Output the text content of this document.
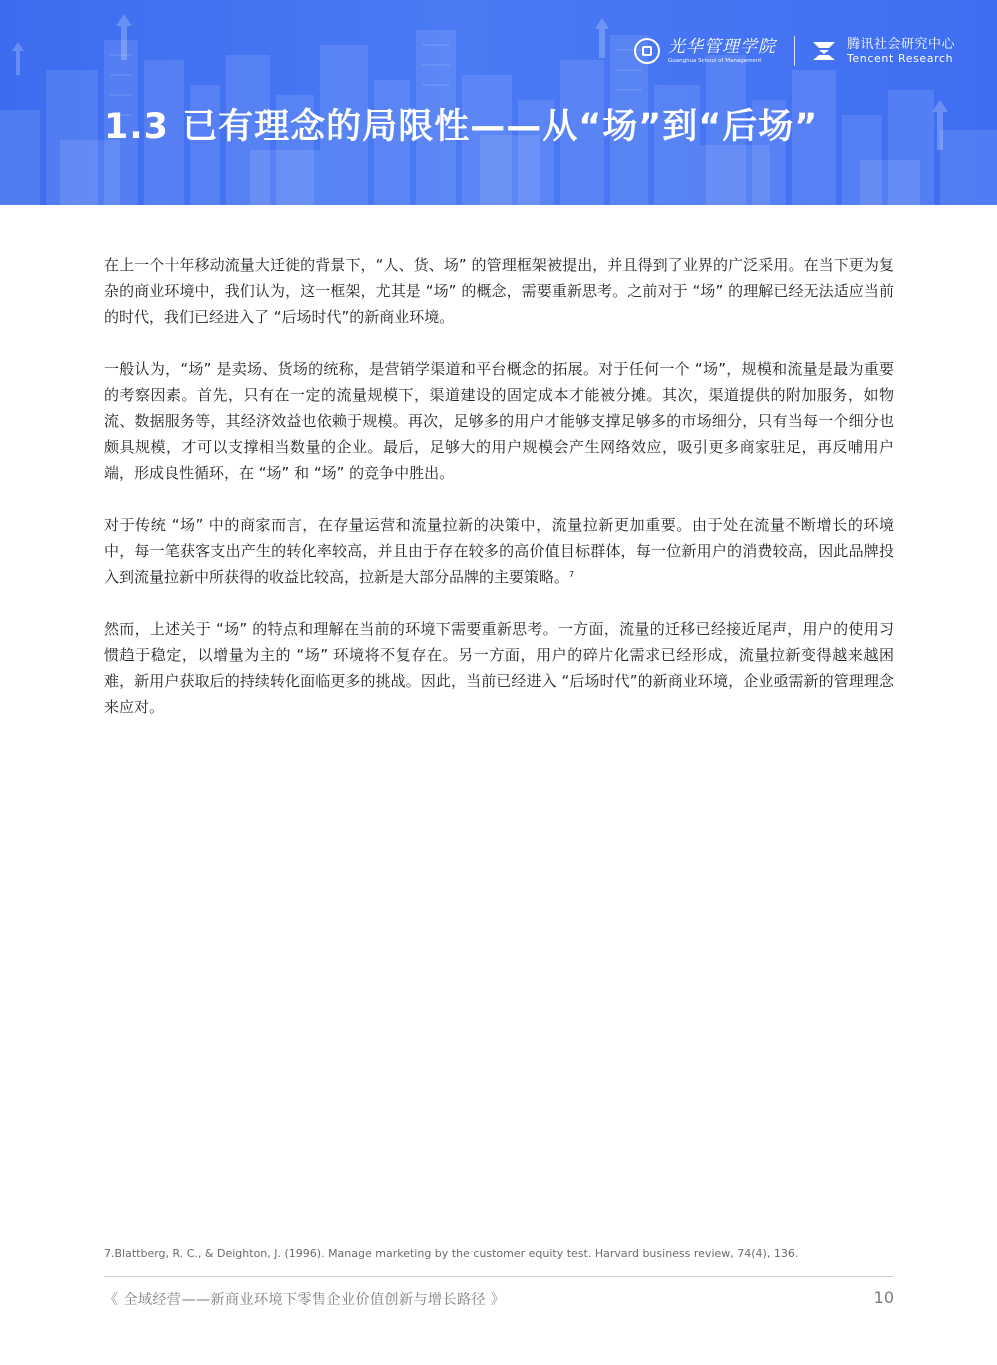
光华管理学院
Guanghua School of Management
腾讯社会研究中心
Tencent Research
1.3 已有理念的局限性——从“场”到“后场”

在上一个十年移动流量大迁徙的背景下，“人、货、场” 的管理框架被提出，并且得到了业界的广泛采用。在当下更为复杂的商业环境中，我们认为，这一框架，尤其是 “场” 的概念，需要重新思考。之前对于 “场” 的理解已经无法适应当前的时代，我们已经进入了 “后场时代”的新商业环境。

一般认为，“场” 是卖场、货场的统称，是营销学渠道和平台概念的拓展。对于任何一个 “场”，规模和流量是最为重要的考察因素。首先，只有在一定的流量规模下，渠道建设的固定成本才能被分摊。其次，渠道提供的附加服务，如物流、数据服务等，其经济效益也依赖于规模。再次，足够多的用户才能够支撑足够多的市场细分，只有当每一个细分也颇具规模，才可以支撑相当数量的企业。最后，足够大的用户规模会产生网络效应，吸引更多商家驻足，再反哺用户端，形成良性循环，在 “场” 和 “场” 的竞争中胜出。

对于传统 “场” 中的商家而言，在存量运营和流量拉新的决策中，流量拉新更加重要。由于处在流量不断增长的环境中，每一笔获客支出产生的转化率较高，并且由于存在较多的高价值目标群体，每一位新用户的消费较高，因此品牌投入到流量拉新中所获得的收益比较高，拉新是大部分品牌的主要策略。$^7$

然而，上述关于 “场” 的特点和理解在当前的环境下需要重新思考。一方面，流量的迁移已经接近尾声，用户的使用习惯趋于稳定，以增量为主的 “场” 环境将不复存在。另一方面，用户的碎片化需求已经形成，流量拉新变得越来越困难，新用户获取后的持续转化面临更多的挑战。因此，当前已经进入 “后场时代”的新商业环境，企业亟需新的管理理念来应对。

7.Blattberg, R. C., & Deighton, J. (1996). Manage marketing by the customer equity test. Harvard business review, 74(4), 136.
《 全域经营——新商业环境下零售企业价值创新与增长路径 》	10
